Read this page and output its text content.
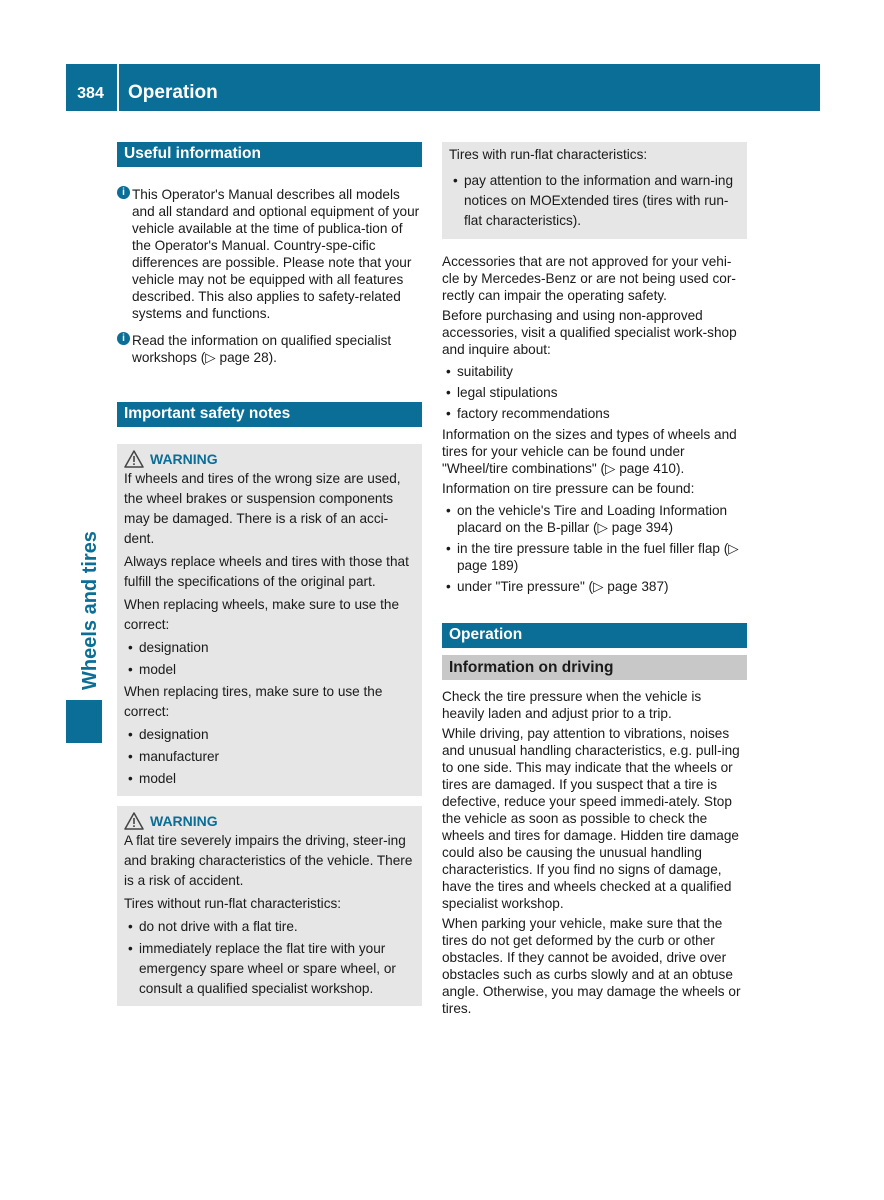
384	Operation
Wheels and tires
Useful information
i This Operator's Manual describes all models and all standard and optional equipment of your vehicle available at the time of publica-tion of the Operator's Manual. Country-spe-cific differences are possible. Please note that your vehicle may not be equipped with all features described. This also applies to safety-related systems and functions.
i Read the information on qualified specialist workshops (▷ page 28).
Important safety notes
WARNING

If wheels and tires of the wrong size are used, the wheel brakes or suspension components may be damaged. There is a risk of an acci-dent.

Always replace wheels and tires with those that fulfill the specifications of the original part.

When replacing wheels, make sure to use the correct:

• designation
• model

When replacing tires, make sure to use the correct:

• designation
• manufacturer
• model
WARNING

A flat tire severely impairs the driving, steer-ing and braking characteristics of the vehicle. There is a risk of accident.

Tires without run-flat characteristics:

• do not drive with a flat tire.
• immediately replace the flat tire with your emergency spare wheel or spare wheel, or consult a qualified specialist workshop.

Tires with run-flat characteristics:

• pay attention to the information and warn-ing notices on MOExtended tires (tires with run-flat characteristics).

Accessories that are not approved for your vehi-cle by Mercedes-Benz or are not being used cor-rectly can impair the operating safety.

Before purchasing and using non-approved accessories, visit a qualified specialist work-shop and inquire about:

• suitability
• legal stipulations
• factory recommendations

Information on the sizes and types of wheels and tires for your vehicle can be found under "Wheel/tire combinations" (▷ page 410).

Information on tire pressure can be found:

• on the vehicle's Tire and Loading Information placard on the B-pillar (▷ page 394)
• in the tire pressure table in the fuel filler flap (▷ page 189)
• under "Tire pressure" (▷ page 387)
Operation
Information on driving

Check the tire pressure when the vehicle is heavily laden and adjust prior to a trip.

While driving, pay attention to vibrations, noises and unusual handling characteristics, e.g. pull-ing to one side. This may indicate that the wheels or tires are damaged. If you suspect that a tire is defective, reduce your speed immedi-ately. Stop the vehicle as soon as possible to check the wheels and tires for damage. Hidden tire damage could also be causing the unusual handling characteristics. If you find no signs of damage, have the tires and wheels checked at a qualified specialist workshop.

When parking your vehicle, make sure that the tires do not get deformed by the curb or other obstacles. If they cannot be avoided, drive over obstacles such as curbs slowly and at an obtuse angle. Otherwise, you may damage the wheels or tires.
